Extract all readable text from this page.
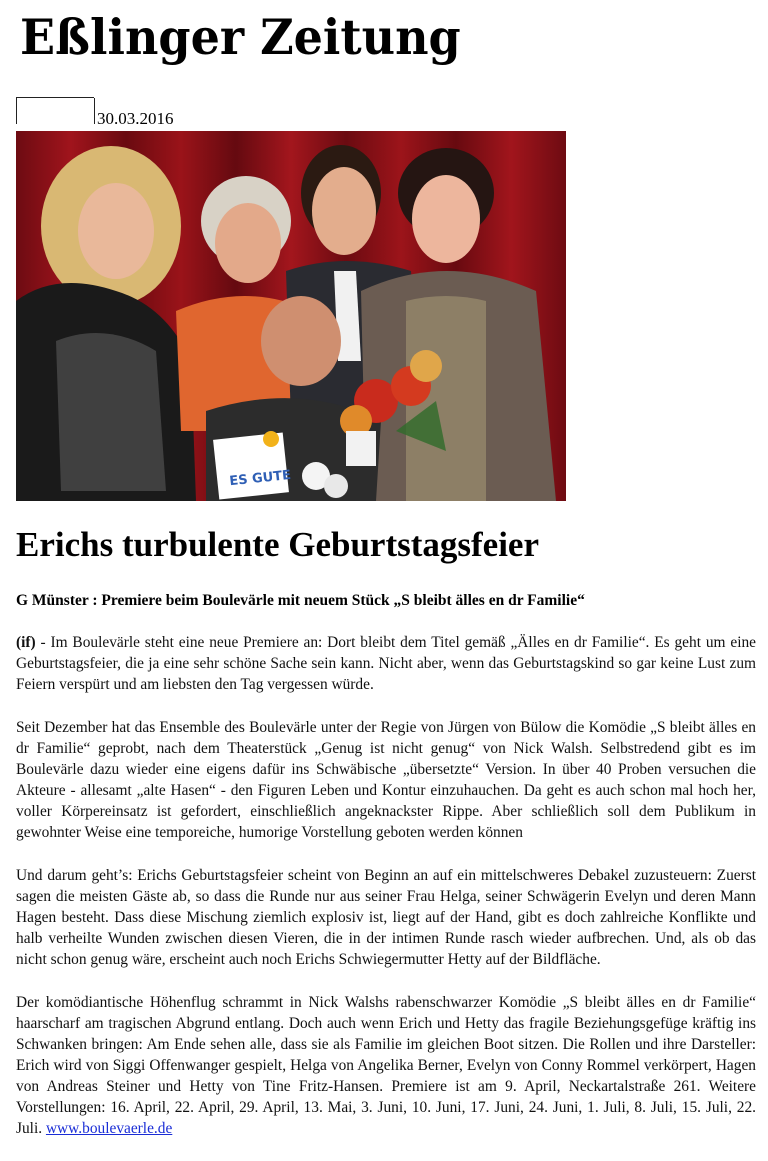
Eßlinger Zeitung
30.03.2016
ES GUTE
Erichs turbulente Geburtstagsfeier
G Münster : Premiere beim Boulevärle mit neuem Stück „S bleibt älles en dr Familie“

(if) - Im Boulevärle steht eine neue Premiere an: Dort bleibt dem Titel gemäß „Älles en dr Familie“. Es geht um eine Geburtstagsfeier, die ja eine sehr schöne Sache sein kann. Nicht aber, wenn das Geburtstagskind so gar keine Lust zum Feiern verspürt und am liebsten den Tag vergessen würde.

Seit Dezember hat das Ensemble des Boulevärle unter der Regie von Jürgen von Bülow die Komödie „S bleibt älles en dr Familie“ geprobt, nach dem Theaterstück „Genug ist nicht genug“ von Nick Walsh. Selbstredend gibt es im Boulevärle dazu wieder eine eigens dafür ins Schwäbische „übersetzte“ Version. In über 40 Proben versuchen die Akteure - allesamt „alte Hasen“ - den Figuren Leben und Kontur einzuhauchen. Da geht es auch schon mal hoch her, voller Körpereinsatz ist gefordert, einschließlich angeknackster Rippe. Aber schließlich soll dem Publikum in gewohnter Weise eine temporeiche, humorige Vorstellung geboten werden können

Und darum geht’s: Erichs Geburtstagsfeier scheint von Beginn an auf ein mittelschweres Debakel zuzusteuern: Zuerst sagen die meisten Gäste ab, so dass die Runde nur aus seiner Frau Helga, seiner Schwägerin Evelyn und deren Mann Hagen besteht. Dass diese Mischung ziemlich explosiv ist, liegt auf der Hand, gibt es doch zahlreiche Konflikte und halb verheilte Wunden zwischen diesen Vieren, die in der intimen Runde rasch wieder aufbrechen. Und, als ob das nicht schon genug wäre, erscheint auch noch Erichs Schwiegermutter Hetty auf der Bildfläche.

Der komödiantische Höhenflug schrammt in Nick Walshs rabenschwarzer Komödie „S bleibt älles en dr Familie“ haarscharf am tragischen Abgrund entlang. Doch auch wenn Erich und Hetty das fragile Beziehungsgefüge kräftig ins Schwanken bringen: Am Ende sehen alle, dass sie als Familie im gleichen Boot sitzen. Die Rollen und ihre Darsteller: Erich wird von Siggi Offenwanger gespielt, Helga von Angelika Berner, Evelyn von Conny Rommel verkörpert, Hagen von Andreas Steiner und Hetty von Tine Fritz-Hansen. Premiere ist am 9. April, Neckartalstraße 261. Weitere Vorstellungen: 16. April, 22. April, 29. April, 13. Mai, 3. Juni, 10. Juni, 17. Juni, 24. Juni, 1. Juli, 8. Juli, 15. Juli, 22. Juli. www.boulevaerle.de
